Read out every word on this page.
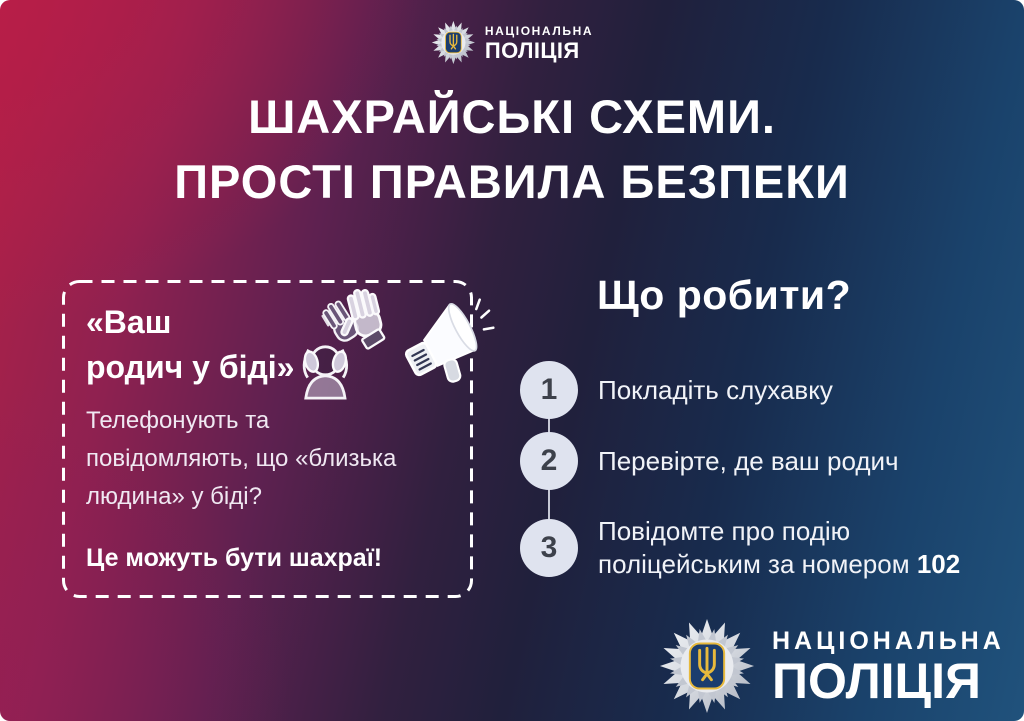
НАЦІОНАЛЬНА
ПОЛІЦІЯ
ШАХРАЙСЬКІ СХЕМИ.
ПРОСТІ ПРАВИЛА БЕЗПЕКИ
«Ваш
родич у біді»
Телефонують та
повідомляють, що «близька
людина» у біді?
Це можуть бути шахраї!
Що робити?
1	Покладіть слухавку
2	Перевірте, де ваш родич
3	Повідомте про подію
поліцейським за номером 102
НАЦІОНАЛЬНА
ПОЛІЦІЯ
